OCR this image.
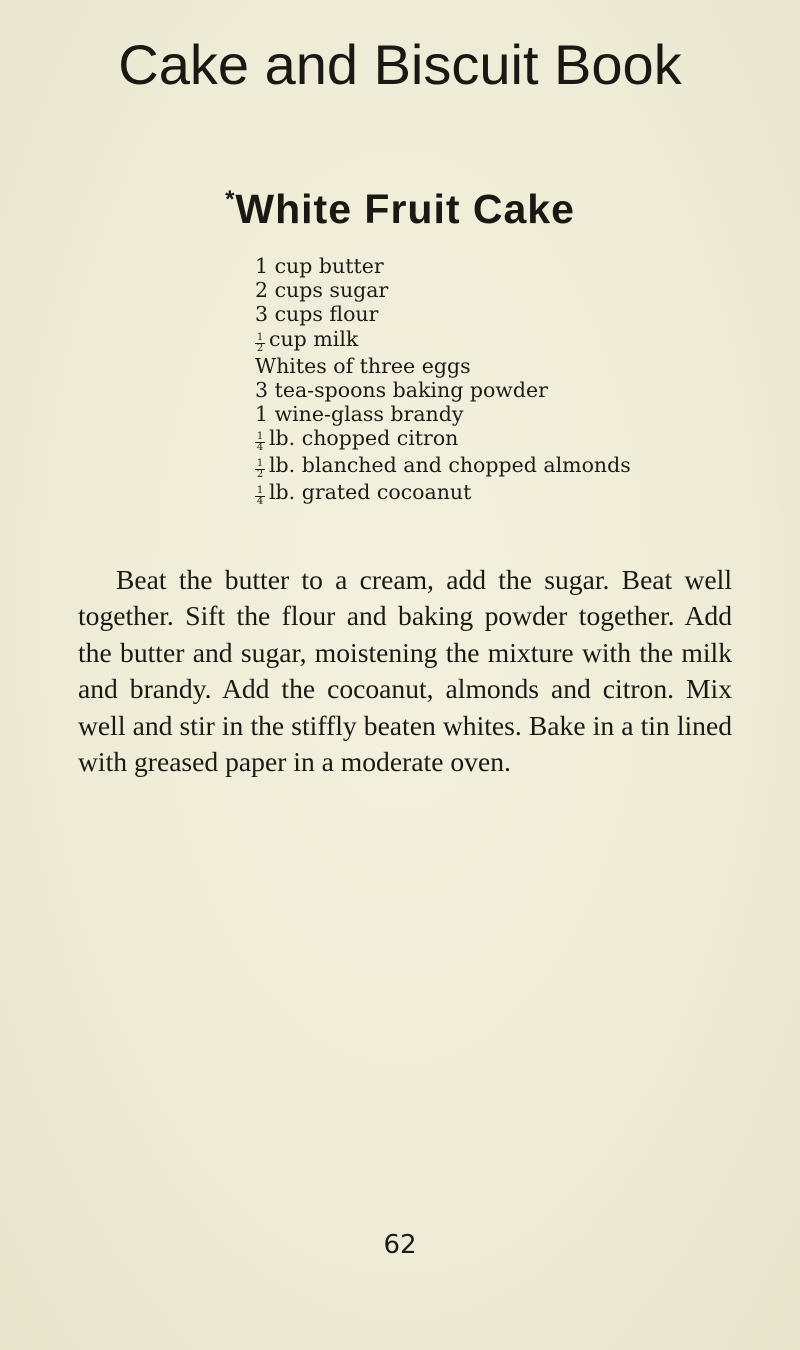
Cake and Biscuit Book
*White Fruit Cake
1 cup butter
2 cups sugar
3 cups flour
$\frac{1}{2}$ cup milk
Whites of three eggs
3 tea-spoons baking powder
1 wine-glass brandy
$\frac{1}{4}$ lb. chopped citron
$\frac{1}{2}$ lb. blanched and chopped almonds
$\frac{1}{4}$ lb. grated cocoanut

Beat the butter to a cream, add the sugar. Beat well together. Sift the flour and baking powder together. Add the butter and sugar, moistening the mixture with the milk and brandy. Add the cocoanut, almonds and citron. Mix well and stir in the stiffly beaten whites. Bake in a tin lined with greased paper in a moderate oven.

62
